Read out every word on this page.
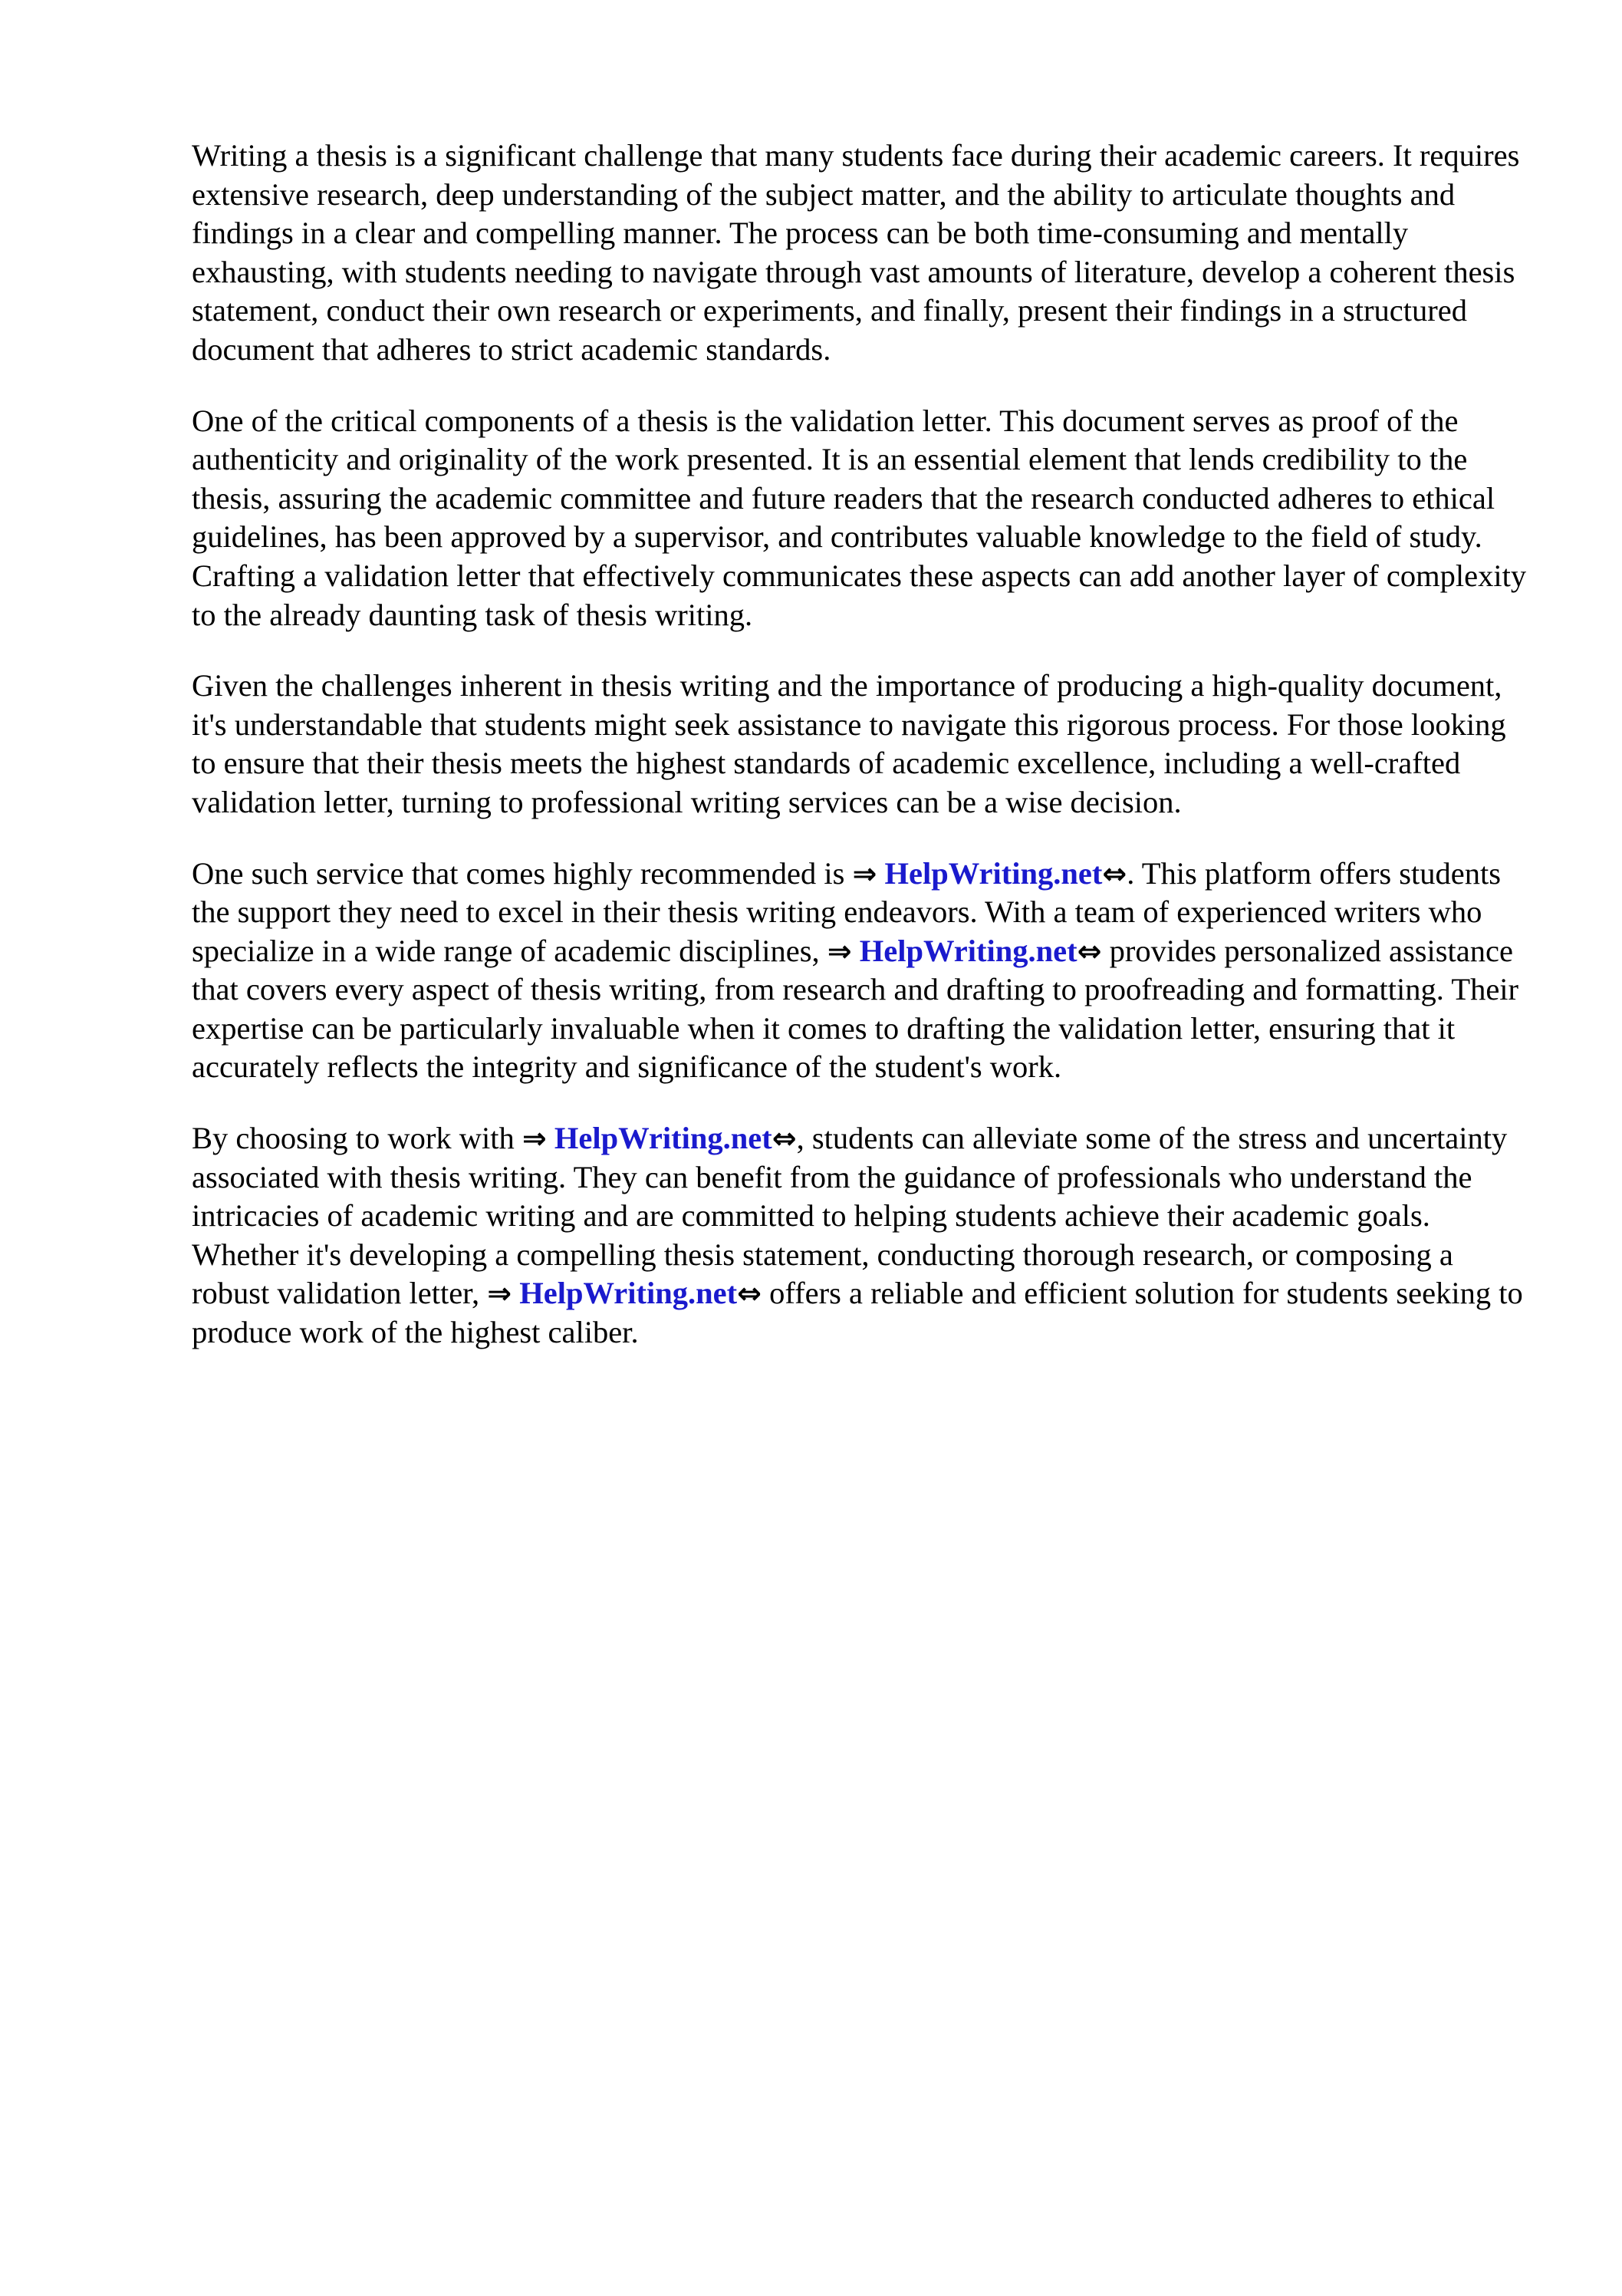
Writing a thesis is a significant challenge that many students face during their academic careers. It requires extensive research, deep understanding of the subject matter, and the ability to articulate thoughts and findings in a clear and compelling manner. The process can be both time-consuming and mentally exhausting, with students needing to navigate through vast amounts of literature, develop a coherent thesis statement, conduct their own research or experiments, and finally, present their findings in a structured document that adheres to strict academic standards.

One of the critical components of a thesis is the validation letter. This document serves as proof of the authenticity and originality of the work presented. It is an essential element that lends credibility to the thesis, assuring the academic committee and future readers that the research conducted adheres to ethical guidelines, has been approved by a supervisor, and contributes valuable knowledge to the field of study. Crafting a validation letter that effectively communicates these aspects can add another layer of complexity to the already daunting task of thesis writing.

Given the challenges inherent in thesis writing and the importance of producing a high-quality document, it's understandable that students might seek assistance to navigate this rigorous process. For those looking to ensure that their thesis meets the highest standards of academic excellence, including a well-crafted validation letter, turning to professional writing services can be a wise decision.

One such service that comes highly recommended is ⇒ HelpWriting.net⇔. This platform offers students the support they need to excel in their thesis writing endeavors. With a team of experienced writers who specialize in a wide range of academic disciplines, ⇒ HelpWriting.net⇔ provides personalized assistance that covers every aspect of thesis writing, from research and drafting to proofreading and formatting. Their expertise can be particularly invaluable when it comes to drafting the validation letter, ensuring that it accurately reflects the integrity and significance of the student's work.

By choosing to work with ⇒ HelpWriting.net⇔, students can alleviate some of the stress and uncertainty associated with thesis writing. They can benefit from the guidance of professionals who understand the intricacies of academic writing and are committed to helping students achieve their academic goals. Whether it's developing a compelling thesis statement, conducting thorough research, or composing a robust validation letter, ⇒ HelpWriting.net⇔ offers a reliable and efficient solution for students seeking to produce work of the highest caliber.
